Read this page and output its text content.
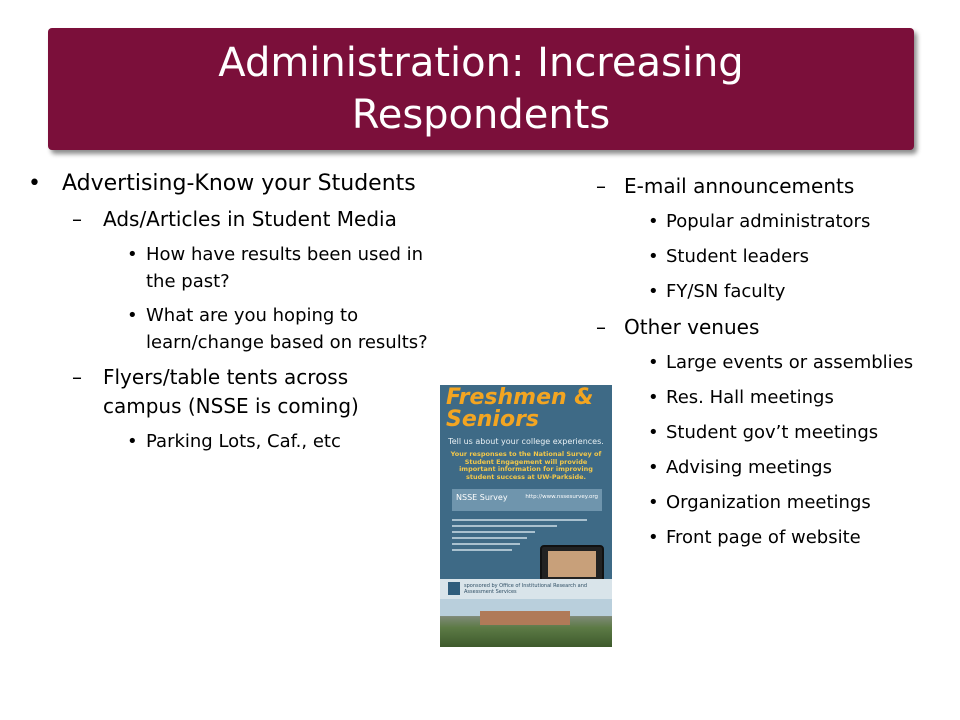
Administration: Increasing Respondents
• Advertising-Know your Students
– Ads/Articles in Student Media
• How have results been used in the past?
• What are you hoping to learn/change based on results?
– Flyers/table tents across campus (NSSE is coming)
• Parking Lots, Caf., etc
– E-mail announcements
• Popular administrators
• Student leaders
• FY/SN faculty
– Other venues
• Large events or assemblies
• Res. Hall meetings
• Student gov’t meetings
• Advising meetings
• Organization meetings
• Front page of website
Freshmen & Seniors
Tell us about your college experiences.
Your responses to the National Survey of Student Engagement will provide important information for improving student success at UW-Parkside.
NSSE Survey	http://www.nssesurvey.org
sponsored by Office of Institutional Research and Assessment Services
